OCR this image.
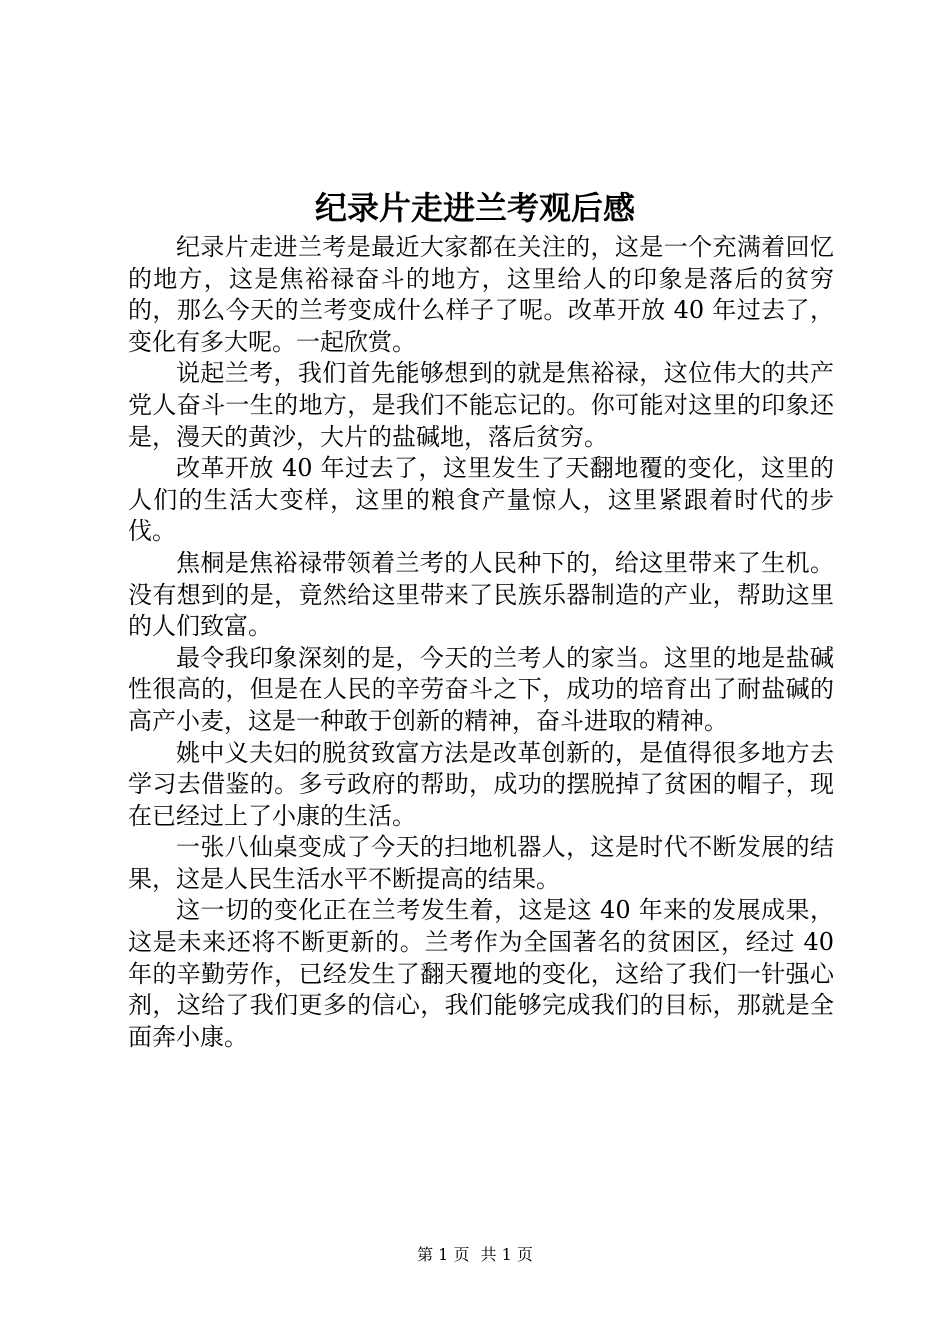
纪录片走进兰考观后感

纪录片走进兰考是最近大家都在关注的，这是一个充满着回忆的地方，这是焦裕禄奋斗的地方，这里给人的印象是落后的贫穷的，那么今天的兰考变成什么样子了呢。改革开放 40 年过去了，变化有多大呢。一起欣赏。

说起兰考，我们首先能够想到的就是焦裕禄，这位伟大的共产党人奋斗一生的地方，是我们不能忘记的。你可能对这里的印象还是，漫天的黄沙，大片的盐碱地，落后贫穷。

改革开放 40 年过去了，这里发生了天翻地覆的变化，这里的人们的生活大变样，这里的粮食产量惊人，这里紧跟着时代的步伐。

焦桐是焦裕禄带领着兰考的人民种下的，给这里带来了生机。没有想到的是，竟然给这里带来了民族乐器制造的产业，帮助这里的人们致富。

最令我印象深刻的是，今天的兰考人的家当。这里的地是盐碱性很高的，但是在人民的辛劳奋斗之下，成功的培育出了耐盐碱的高产小麦，这是一种敢于创新的精神，奋斗进取的精神。

姚中义夫妇的脱贫致富方法是改革创新的，是值得很多地方去学习去借鉴的。多亏政府的帮助，成功的摆脱掉了贫困的帽子，现在已经过上了小康的生活。

一张八仙桌变成了今天的扫地机器人，这是时代不断发展的结果，这是人民生活水平不断提高的结果。

这一切的变化正在兰考发生着，这是这 40 年来的发展成果，这是未来还将不断更新的。兰考作为全国著名的贫困区，经过 40 年的辛勤劳作，已经发生了翻天覆地的变化，这给了我们一针强心剂，这给了我们更多的信心，我们能够完成我们的目标，那就是全面奔小康。

第 1 页 共 1 页
